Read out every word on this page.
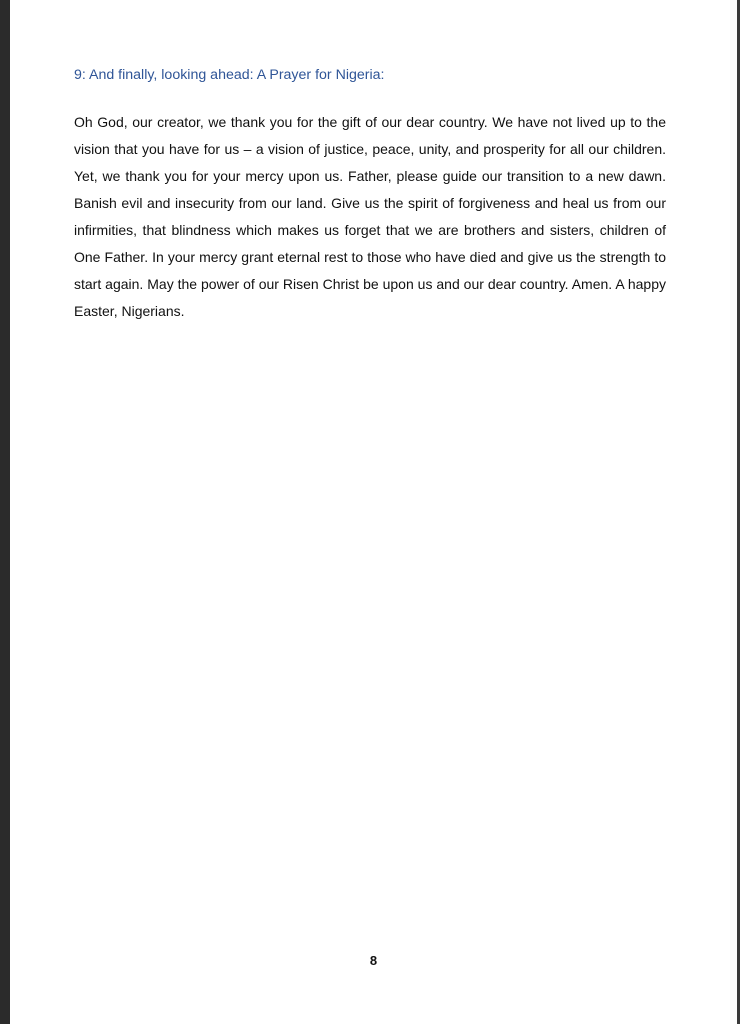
9: And finally, looking ahead: A Prayer for Nigeria:

Oh God, our creator, we thank you for the gift of our dear country. We have not lived up to the vision that you have for us – a vision of justice, peace, unity, and prosperity for all our children. Yet, we thank you for your mercy upon us. Father, please guide our transition to a new dawn. Banish evil and insecurity from our land. Give us the spirit of forgiveness and heal us from our infirmities, that blindness which makes us forget that we are brothers and sisters, children of One Father. In your mercy grant eternal rest to those who have died and give us the strength to start again. May the power of our Risen Christ be upon us and our dear country. Amen. A happy Easter, Nigerians.

8
